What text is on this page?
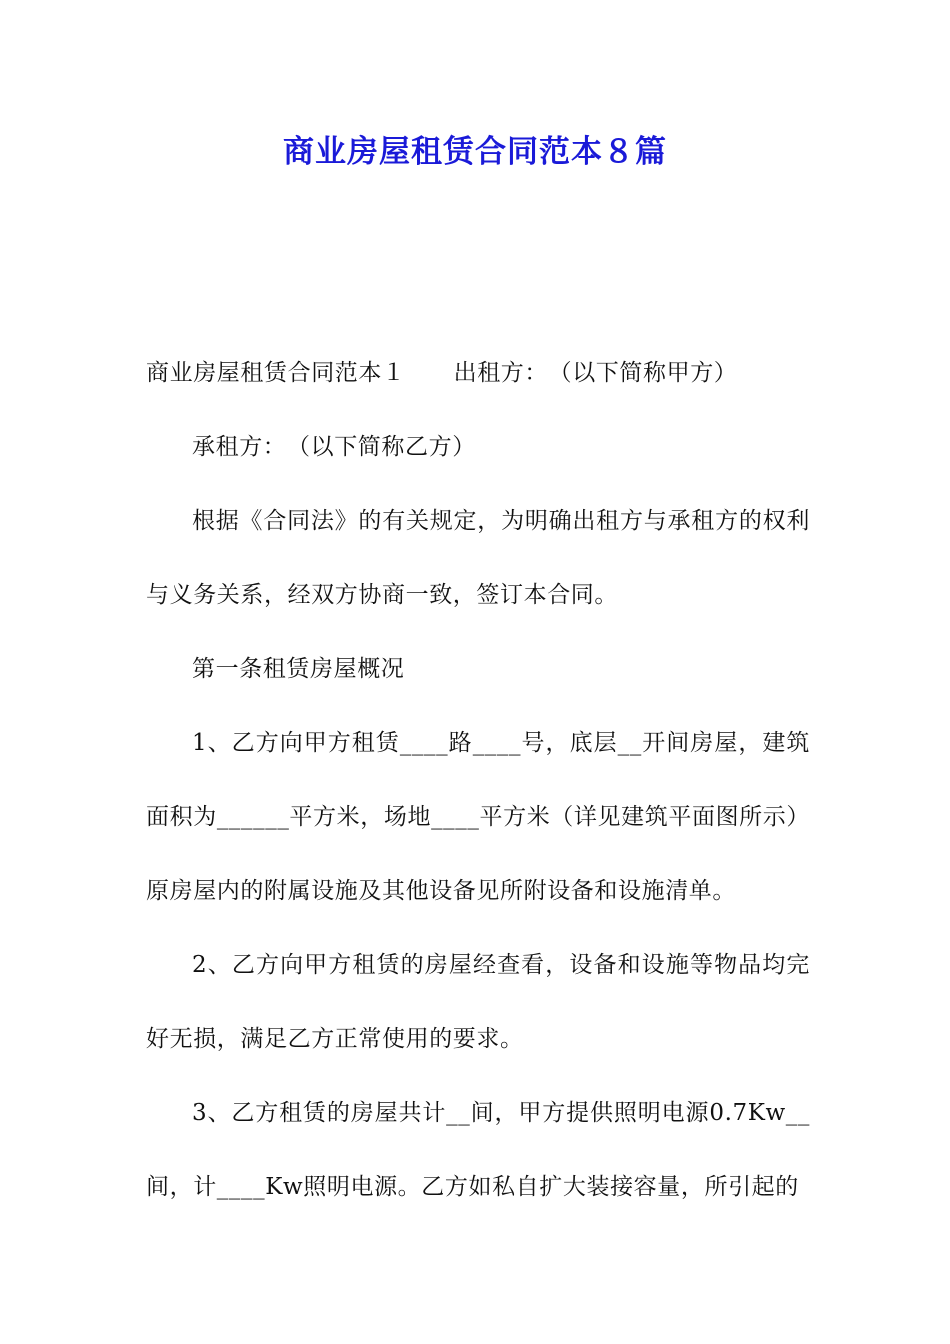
商业房屋租赁合同范本８篇

商业房屋租赁合同范本１ 出租方：　（以下简称甲方）

承租方：　（以下简称乙方）

根据《合同法》的有关规定，为明确出租方与承租方的权利与义务关系，经双方协商一致，签订本合同。

第一条租赁房屋概况

1、乙方向甲方租赁____路____号，底层__开间房屋，建筑面积为______平方米，场地____平方米（详见建筑平面图所示）原房屋内的附属设施及其他设备见所附设备和设施清单。

2、乙方向甲方租赁的房屋经查看，设备和设施等物品均完好无损，满足乙方正常使用的要求。

3、乙方租赁的房屋共计__间，甲方提供照明电源0.7Kw__间，计____Kw照明电源。乙方如私自扩大装接容量，所引起的
